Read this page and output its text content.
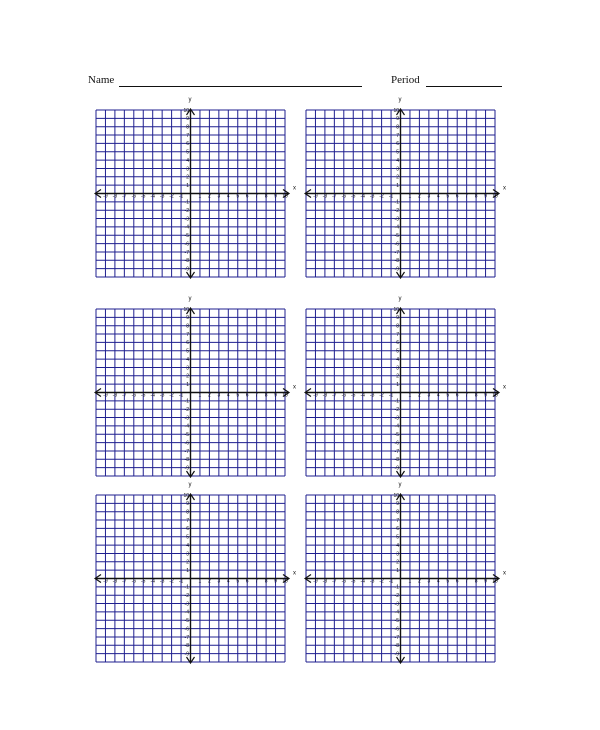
Name	Period
-9 -8 -7 -6 -5 -4 -3 -2 -1	1 2 3 4 5 6 7 8 9 10
-9
-8
-7
-6
-5
-4
-3
-2
-1
1
2
3
4
5
6
7
8
9
10
x
y
-9 -8 -7 -6 -5 -4 -3 -2 -1	1 2 3 4 5 6 7 8 9 10
-9
-8
-7
-6
-5
-4
-3
-2
-1
1
2
3
4
5
6
7
8
9
10
x
y
-9 -8 -7 -6 -5 -4 -3 -2 -1	1 2 3 4 5 6 7 8 9 10
-9
-8
-7
-6
-5
-4
-3
-2
-1
1
2
3
4
5
6
7
8
9
10
x
y
-9 -8 -7 -6 -5 -4 -3 -2 -1	1 2 3 4 5 6 7 8 9 10
-9
-8
-7
-6
-5
-4
-3
-2
-1
1
2
3
4
5
6
7
8
9
10
x
y
-9 -8 -7 -6 -5 -4 -3 -2 -1	1 2 3 4 5 6 7 8 9 10
-9
-8
-7
-6
-5
-4
-3
-2
-1
1
2
3
4
5
6
7
8
9
10
x
y
-9 -8 -7 -6 -5 -4 -3 -2 -1	1 2 3 4 5 6 7 8 9 10
-9
-8
-7
-6
-5
-4
-3
-2
-1
1
2
3
4
5
6
7
8
9
10
x
y
